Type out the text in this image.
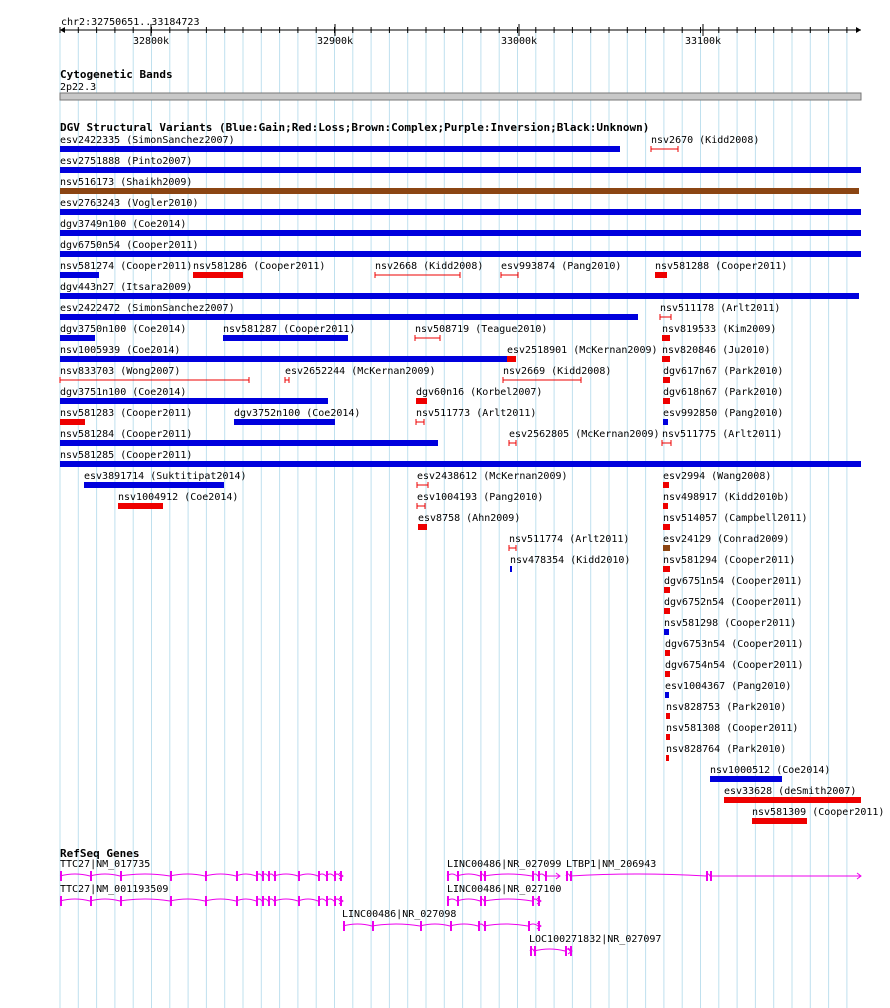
chr2:32750651..33184723
32800k	32900k	33000k	33100k
Cytogenetic Bands
2p22.3
DGV Structural Variants (Blue:Gain;Red:Loss;Brown:Complex;Purple:Inversion;Black:Unknown)
esv2422335 (SimonSanchez2007)	nsv2670 (Kidd2008)
esv2751888 (Pinto2007)
nsv516173 (Shaikh2009)
esv2763243 (Vogler2010)
dgv3749n100 (Coe2014)
dgv6750n54 (Cooper2011)
nsv581274 (Cooper2011) nsv581286 (Cooper2011)	nsv2668 (Kidd2008) esv993874 (Pang2010)	nsv581288 (Cooper2011)
dgv443n27 (Itsara2009)
esv2422472 (SimonSanchez2007)	nsv511178 (Arlt2011)
dgv3750n100 (Coe2014)	nsv581287 (Cooper2011)	nsv508719 (Teague2010)	nsv819533 (Kim2009)
nsv1005939 (Coe2014)	esv2518901 (McKernan2009) nsv820846 (Ju2010)
nsv833703 (Wong2007)	esv2652244 (McKernan2009)	nsv2669 (Kidd2008)	dgv617n67 (Park2010)
dgv3751n100 (Coe2014)	dgv60n16 (Korbel2007)	dgv618n67 (Park2010)
nsv581283 (Cooper2011)	dgv3752n100 (Coe2014)	nsv511773 (Arlt2011)	esv992850 (Pang2010)
nsv581284 (Cooper2011)	esv2562805 (McKernan2009) nsv511775 (Arlt2011)
nsv581285 (Cooper2011)
esv3891714 (Suktitipat2014)	esv2438612 (McKernan2009)	esv2994 (Wang2008)
nsv1004912 (Coe2014)	esv1004193 (Pang2010)	nsv498917 (Kidd2010b)
esv8758 (Ahn2009)	nsv514057 (Campbell2011)
nsv511774 (Arlt2011)	esv24129 (Conrad2009)
nsv478354 (Kidd2010)	nsv581294 (Cooper2011)
dgv6751n54 (Cooper2011)
dgv6752n54 (Cooper2011)
nsv581298 (Cooper2011)
dgv6753n54 (Cooper2011)
dgv6754n54 (Cooper2011)
esv1004367 (Pang2010)
nsv828753 (Park2010)
nsv581308 (Cooper2011)
nsv828764 (Park2010)
nsv1000512 (Coe2014)
esv33628 (deSmith2007)
nsv581309 (Cooper2011)
RefSeq Genes
TTC27|NM_017735	LINC00486|NR_027099 LTBP1|NM_206943
TTC27|NM_001193509	LINC00486|NR_027100
LINC00486|NR_027098
LOC100271832|NR_027097
